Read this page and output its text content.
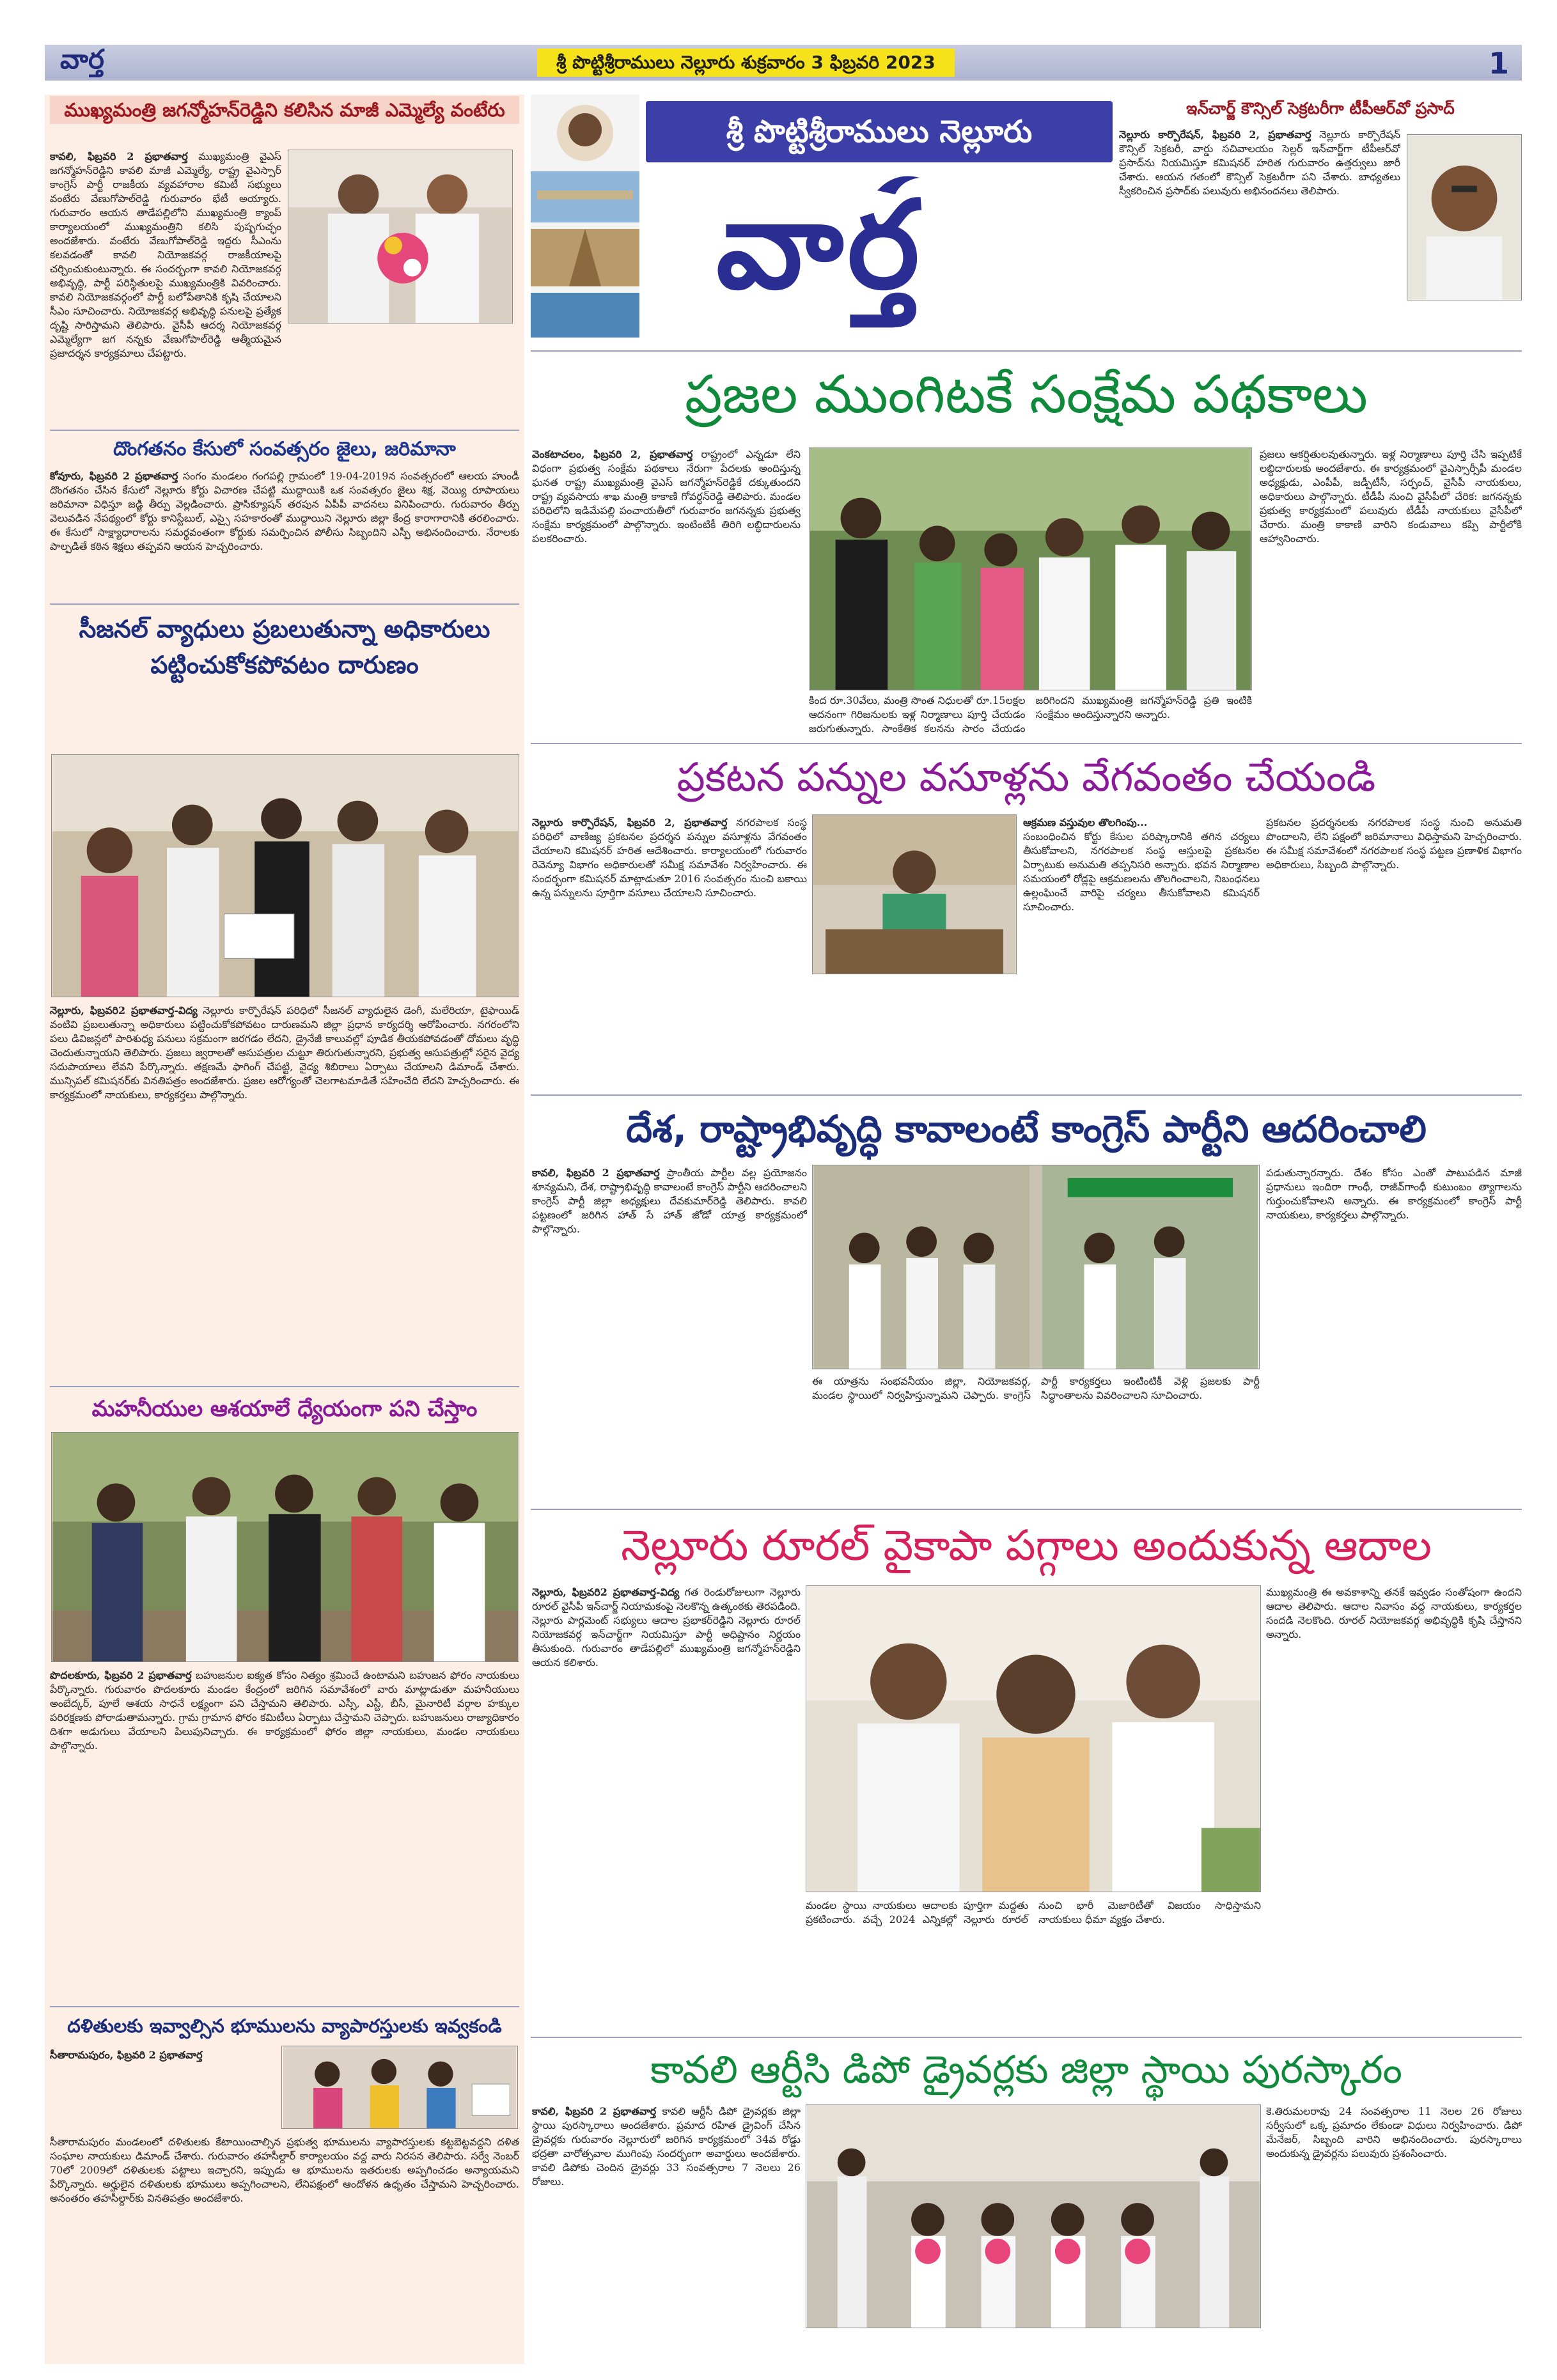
వార్త	శ్రీ పొట్టిశ్రీరాములు నెల్లూరు శుక్రవారం 3 ఫిబ్రవరి 2023	1
ముఖ్యమంత్రి జగన్మోహన్‌రెడ్డిని కలిసిన మాజీ ఎమ్మెల్యే వంటేరు
కావలి, ఫిబ్రవరి 2 ప్రభాతవార్త ముఖ్యమంత్రి వైఎస్ జగన్మోహన్‌రెడ్డిని కావలి మాజీ ఎమ్మెల్యే, రాష్ట్ర వైఎస్సార్ కాంగ్రెస్ పార్టీ రాజకీయ వ్యవహారాల కమిటీ సభ్యులు వంటేరు వేణుగోపాల్‌రెడ్డి గురువారం భేటీ అయ్యారు. గురువారం ఆయన తాడేపల్లిలోని ముఖ్యమంత్రి క్యాంప్ కార్యాలయంలో ముఖ్యమంత్రిని కలిసి పుష్పగుచ్ఛం అందజేశారు. వంటేరు వేణుగోపాల్‌రెడ్డి ఇద్దరు సీఎంను కలవడంతో కావలి నియోజకవర్గ రాజకీయాలపై చర్చించుకుంటున్నారు. ఈ సందర్భంగా కావలి నియోజకవర్గ అభివృద్ధి, పార్టీ పరిస్థితులపై ముఖ్యమంత్రికి వివరించారు. కావలి నియోజకవర్గంలో పార్టీ బలోపేతానికి కృషి చేయాలని సీఎం సూచించారు. నియోజకవర్గ అభివృద్ధి పనులపై ప్రత్యేక దృష్టి సారిస్తామని తెలిపారు. వైసీపీ ఆదర్శ నియోజకవర్గ ఎమ్మెల్యేగా జగ నన్నకు వేణుగోపాల్‌రెడ్డి ఆత్మీయమైన ప్రజాదర్శన కార్యక్రమాలు చేపట్టారు.
దొంగతనం కేసులో సంవత్సరం జైలు, జరిమానా
కోవూరు, ఫిబ్రవరి 2 ప్రభాతవార్త సంగం మండలం గంగపల్లి గ్రామంలో 19-04-2019న సంవత్సరంలో ఆలయ హుండీ దొంగతనం చేసిన కేసులో నెల్లూరు కోర్టు విచారణ చేపట్టి ముద్దాయికి ఒక సంవత్సరం జైలు శిక్ష, వెయ్యి రూపాయలు జరిమానా విధిస్తూ జడ్జి తీర్పు వెల్లడించారు. ప్రాసిక్యూషన్ తరపున ఏపీపీ వాదనలు వినిపించారు. గురువారం తీర్పు వెలువడిన నేపథ్యంలో కోర్టు కానిస్టేబుల్, ఎస్సై సహకారంతో ముద్దాయిని నెల్లూరు జిల్లా కేంద్ర కారాగారానికి తరలించారు. ఈ కేసులో సాక్ష్యాధారాలను సమర్థవంతంగా కోర్టుకు సమర్పించిన పోలీసు సిబ్బందిని ఎస్పీ అభినందించారు. నేరాలకు పాల్పడితే కఠిన శిక్షలు తప్పవని ఆయన హెచ్చరించారు.
సీజనల్ వ్యాధులు ప్రబలుతున్నా అధికారులు పట్టించుకోకపోవటం దారుణం
నెల్లూరు, ఫిబ్రవరి2 ప్రభాతవార్త-విద్య నెల్లూరు కార్పొరేషన్ పరిధిలో సీజనల్ వ్యాధులైన డెంగీ, మలేరియా, టైఫాయిడ్ వంటివి ప్రబలుతున్నా అధికారులు పట్టించుకోకపోవటం దారుణమని జిల్లా ప్రధాన కార్యదర్శి ఆరోపించారు. నగరంలోని పలు డివిజన్లలో పారిశుధ్య పనులు సక్రమంగా జరగడం లేదని, డ్రైనేజీ కాలువల్లో పూడిక తీయకపోవడంతో దోమలు వృద్ధి చెందుతున్నాయని తెలిపారు. ప్రజలు జ్వరాలతో ఆసుపత్రుల చుట్టూ తిరుగుతున్నారని, ప్రభుత్వ ఆసుపత్రుల్లో సరైన వైద్య సదుపాయాలు లేవని పేర్కొన్నారు. తక్షణమే ఫాగింగ్ చేపట్టి, వైద్య శిబిరాలు ఏర్పాటు చేయాలని డిమాండ్ చేశారు. మున్సిపల్ కమిషనర్‌కు వినతిపత్రం అందజేశారు. ప్రజల ఆరోగ్యంతో చెలగాటమాడితే సహించేది లేదని హెచ్చరించారు. ఈ కార్యక్రమంలో నాయకులు, కార్యకర్తలు పాల్గొన్నారు.
మహనీయుల ఆశయాలే ధ్యేయంగా పని చేస్తాం
పొదలకూరు, ఫిబ్రవరి 2 ప్రభాతవార్త బహుజనుల ఐక్యత కోసం నిత్యం శ్రమించే ఉంటామని బహుజన ఫోరం నాయకులు పేర్కొన్నారు. గురువారం పొదలకూరు మండల కేంద్రంలో జరిగిన సమావేశంలో వారు మాట్లాడుతూ మహనీయులు అంబేద్కర్, పూలే ఆశయ సాధనే లక్ష్యంగా పని చేస్తామని తెలిపారు. ఎస్సీ, ఎస్టీ, బీసీ, మైనారిటీ వర్గాల హక్కుల పరిరక్షణకు పోరాడుతామన్నారు. గ్రామ గ్రామాన ఫోరం కమిటీలు ఏర్పాటు చేస్తామని చెప్పారు. బహుజనులు రాజ్యాధికారం దిశగా అడుగులు వేయాలని పిలుపునిచ్చారు. ఈ కార్యక్రమంలో ఫోరం జిల్లా నాయకులు, మండల నాయకులు పాల్గొన్నారు.
దళితులకు ఇవ్వాల్సిన భూములను వ్యాపారస్తులకు ఇవ్వకండి
సీతారామపురం, ఫిబ్రవరి 2 ప్రభాతవార్త
సీతారామపురం మండలంలో దళితులకు కేటాయించాల్సిన ప్రభుత్వ భూములను వ్యాపారస్తులకు కట్టబెట్టవద్దని దళిత సంఘాల నాయకులు డిమాండ్ చేశారు. గురువారం తహసీల్దార్ కార్యాలయం వద్ద వారు నిరసన తెలిపారు. సర్వే నెంబర్ 70లో 2009లో దళితులకు పట్టాలు ఇచ్చారని, ఇప్పుడు ఆ భూములను ఇతరులకు అప్పగించడం అన్యాయమని పేర్కొన్నారు. అర్హులైన దళితులకు భూములు అప్పగించాలని, లేనిపక్షంలో ఆందోళన ఉధృతం చేస్తామని హెచ్చరించారు. అనంతరం తహసీల్దార్‌కు వినతిపత్రం అందజేశారు.
శ్రీ పొట్టిశ్రీరాములు నెల్లూరు
వార్త
ఇన్‌చార్జ్ కౌన్సిల్ సెక్రటరీగా టీపీఆర్‌వో ప్రసాద్
నెల్లూరు కార్పొరేషన్, ఫిబ్రవరి 2, ప్రభాతవార్త నెల్లూరు కార్పొరేషన్ కౌన్సిల్ సెక్రటరీ, వార్డు సచివాలయం సెల్లర్ ఇన్‌చార్జ్‌గా టీపీఆర్‌వో ప్రసాద్‌ను నియమిస్తూ కమిషనర్ హరిత గురువారం ఉత్తర్వులు జారీ చేశారు. ఆయన గతంలో కౌన్సిల్ సెక్రటరీగా పని చేశారు. బాధ్యతలు స్వీకరించిన ప్రసాద్‌కు పలువురు అభినందనలు తెలిపారు.
ప్రజల ముంగిటకే సంక్షేమ పథకాలు
వెంకటాచలం, ఫిబ్రవరి 2, ప్రభాతవార్త రాష్ట్రంలో ఎన్నడూ లేని విధంగా ప్రభుత్వ సంక్షేమ పథకాలు నేరుగా పేదలకు అందిస్తున్న ఘనత రాష్ట్ర ముఖ్యమంత్రి వైఎస్ జగన్మోహన్‌రెడ్డికే దక్కుతుందని రాష్ట్ర వ్యవసాయ శాఖ మంత్రి కాకాణి గోవర్ధన్‌రెడ్డి తెలిపారు. మండల పరిధిలోని ఇడిమేపల్లి పంచాయతీలో గురువారం జగనన్నకు ప్రభుత్వ సంక్షేమ కార్యక్రమంలో పాల్గొన్నారు. ఇంటింటికీ తిరిగి లబ్ధిదారులను పలకరించారు.
కింద రూ.30వేలు, మంత్రి సొంత నిధులతో రూ.15లక్షల ఆదనంగా గిరిజనులకు ఇళ్ల నిర్మాణాలు పూర్తి చేయడం జరుగుతున్నారు. సాంకేతిక కలనను సారం చేయడం జరిగిందని ముఖ్యమంత్రి జగన్మోహన్‌రెడ్డి ప్రతి ఇంటికి సంక్షేమం అందిస్తున్నారని అన్నారు.
ప్రజలు ఆకర్షితులవుతున్నారు. ఇళ్ల నిర్మాణాలు పూర్తి చేసి ఇప్పటికే లబ్ధిదారులకు అందజేశారు. ఈ కార్యక్రమంలో వైఎస్సార్సీపీ మండల అధ్యక్షుడు, ఎంపీపీ, జడ్పీటీసీ, సర్పంచ్, వైసీపీ నాయకులు, అధికారులు పాల్గొన్నారు. టీడీపీ నుంచి వైసీపీలో చేరిక: జగనన్నకు ప్రభుత్వ కార్యక్రమంలో పలువురు టీడీపీ నాయకులు వైసీపీలో చేరారు. మంత్రి కాకాణి వారిని కండువాలు కప్పి పార్టీలోకి ఆహ్వానించారు.
ప్రకటన పన్నుల వసూళ్లను వేగవంతం చేయండి
నెల్లూరు కార్పొరేషన్, ఫిబ్రవరి 2, ప్రభాతవార్త నగరపాలక సంస్థ పరిధిలో వాణిజ్య ప్రకటనల ప్రదర్శన పన్నుల వసూళ్లను వేగవంతం చేయాలని కమిషనర్ హరిత ఆదేశించారు. కార్యాలయంలో గురువారం రెవెన్యూ విభాగం అధికారులతో సమీక్ష సమావేశం నిర్వహించారు. ఈ సందర్భంగా కమిషనర్ మాట్లాడుతూ 2016 సంవత్సరం నుంచి బకాయి ఉన్న పన్నులను పూర్తిగా వసూలు చేయాలని సూచించారు.
ఆక్రమణ వస్తువుల తొలగింపు...
సంబంధించిన కోర్టు కేసుల పరిష్కారానికి తగిన చర్యలు తీసుకోవాలని, నగరపాలక సంస్థ ఆస్తులపై ప్రకటనల ఏర్పాటుకు అనుమతి తప్పనిసరి అన్నారు. భవన నిర్మాణాల సమయంలో రోడ్లపై ఆక్రమణలను తొలగించాలని, నిబంధనలు ఉల్లంఘించే వారిపై చర్యలు తీసుకోవాలని కమిషనర్ సూచించారు.
ప్రకటనల ప్రదర్శనలకు నగరపాలక సంస్థ నుంచి అనుమతి పొందాలని, లేని పక్షంలో జరిమానాలు విధిస్తామని హెచ్చరించారు. ఈ సమీక్ష సమావేశంలో నగరపాలక సంస్థ పట్టణ ప్రణాళిక విభాగం అధికారులు, సిబ్బంది పాల్గొన్నారు.
దేశ, రాష్ట్రాభివృద్ధి కావాలంటే కాంగ్రెస్ పార్టీని ఆదరించాలి
కావలి, ఫిబ్రవరి 2 ప్రభాతవార్త ప్రాంతీయ పార్టీల వల్ల ప్రయోజనం శూన్యమని, దేశ, రాష్ట్రాభివృద్ధి కావాలంటే కాంగ్రెస్ పార్టీని ఆదరించాలని కాంగ్రెస్ పార్టీ జిల్లా అధ్యక్షులు దేవకుమార్‌రెడ్డి తెలిపారు. కావలి పట్టణంలో జరిగిన హాత్ సే హాత్ జోడో యాత్ర కార్యక్రమంలో పాల్గొన్నారు.
ఈ యాత్రను సంభవనీయం జిల్లా, నియోజకవర్గ, మండల స్థాయిలో నిర్వహిస్తున్నామని చెప్పారు. కాంగ్రెస్ పార్టీ కార్యకర్తలు ఇంటింటికీ వెళ్లి ప్రజలకు పార్టీ సిద్ధాంతాలను వివరించాలని సూచించారు.
పడుతున్నారన్నారు. దేశం కోసం ఎంతో పాటుపడిన మాజీ ప్రధానులు ఇందిరా గాంధీ, రాజీవ్‌గాంధీ కుటుంబం త్యాగాలను గుర్తుంచుకోవాలని అన్నారు. ఈ కార్యక్రమంలో కాంగ్రెస్ పార్టీ నాయకులు, కార్యకర్తలు పాల్గొన్నారు.
నెల్లూరు రూరల్ వైకాపా పగ్గాలు అందుకున్న ఆదాల
నెల్లూరు, ఫిబ్రవరి2 ప్రభాతవార్త-విద్య గత రెండురోజులుగా నెల్లూరు రూరల్ వైసీపీ ఇన్‌చార్జ్ నియామకంపై నెలకొన్న ఉత్కంఠకు తెరపడింది. నెల్లూరు పార్లమెంట్ సభ్యులు ఆదాల ప్రభాకర్‌రెడ్డిని నెల్లూరు రూరల్ నియోజకవర్గ ఇన్‌చార్జ్‌గా నియమిస్తూ పార్టీ అధిష్టానం నిర్ణయం తీసుకుంది. గురువారం తాడేపల్లిలో ముఖ్యమంత్రి జగన్మోహన్‌రెడ్డిని ఆయన కలిశారు.
మండల స్థాయి నాయకులు ఆదాలకు పూర్తిగా మద్దతు ప్రకటించారు. వచ్చే 2024 ఎన్నికల్లో నెల్లూరు రూరల్ నుంచి భారీ మెజారిటీతో విజయం సాధిస్తామని నాయకులు ధీమా వ్యక్తం చేశారు.
ముఖ్యమంత్రి ఈ అవకాశాన్ని తనకే ఇవ్వడం సంతోషంగా ఉందని ఆదాల తెలిపారు. ఆదాల నివాసం వద్ద నాయకులు, కార్యకర్తల సందడి నెలకొంది. రూరల్ నియోజకవర్గ అభివృద్ధికి కృషి చేస్తానని అన్నారు.
కావలి ఆర్టీసి డిపో డ్రైవర్లకు జిల్లా స్థాయి పురస్కారం
కావలి, ఫిబ్రవరి 2 ప్రభాతవార్త కావలి ఆర్టీసీ డిపో డ్రైవర్లకు జిల్లా స్థాయి పురస్కారాలు అందజేశారు. ప్రమాద రహిత డ్రైవింగ్ చేసిన డ్రైవర్లకు గురువారం నెల్లూరులో జరిగిన కార్యక్రమంలో 34వ రోడ్డు భద్రతా వారోత్సవాల ముగింపు సందర్భంగా అవార్డులు అందజేశారు. కావలి డిపోకు చెందిన డ్రైవర్లు 33 సంవత్సరాల 7 నెలలు 26 రోజులు.
కె.తిరుమలరావు 24 సంవత్సరాల 11 నెలల 26 రోజులు సర్వీసులో ఒక్క ప్రమాదం లేకుండా విధులు నిర్వహించారు. డిపో మేనేజర్, సిబ్బంది వారిని అభినందించారు. పురస్కారాలు అందుకున్న డ్రైవర్లను పలువురు ప్రశంసించారు.
